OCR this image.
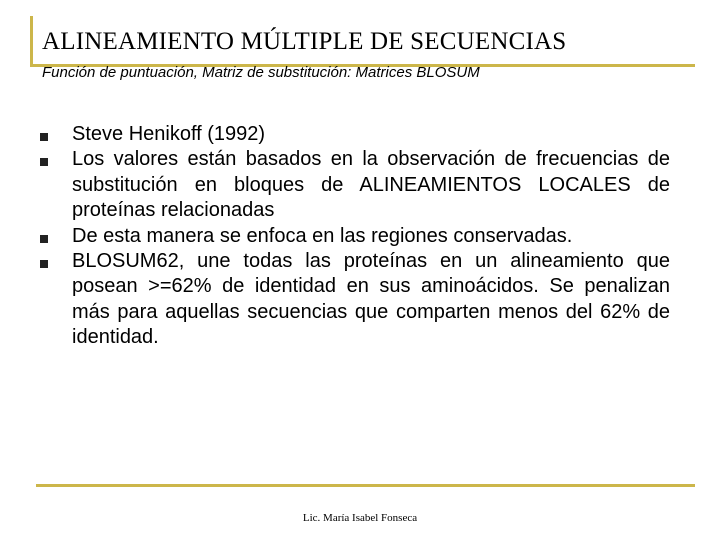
ALINEAMIENTO MÚLTIPLE DE SECUENCIAS

Función de puntuación, Matriz de substitución: Matrices BLOSUM

Steve Henikoff (1992)
Los valores están basados en la observación de frecuencias de substitución en bloques de ALINEAMIENTOS LOCALES de proteínas relacionadas
De esta manera se enfoca en las regiones conservadas.
BLOSUM62, une todas las proteínas en un alineamiento que posean >=62% de identidad en sus aminoácidos. Se penalizan más para aquellas secuencias que comparten menos del 62% de identidad.
Lic. María Isabel Fonseca
